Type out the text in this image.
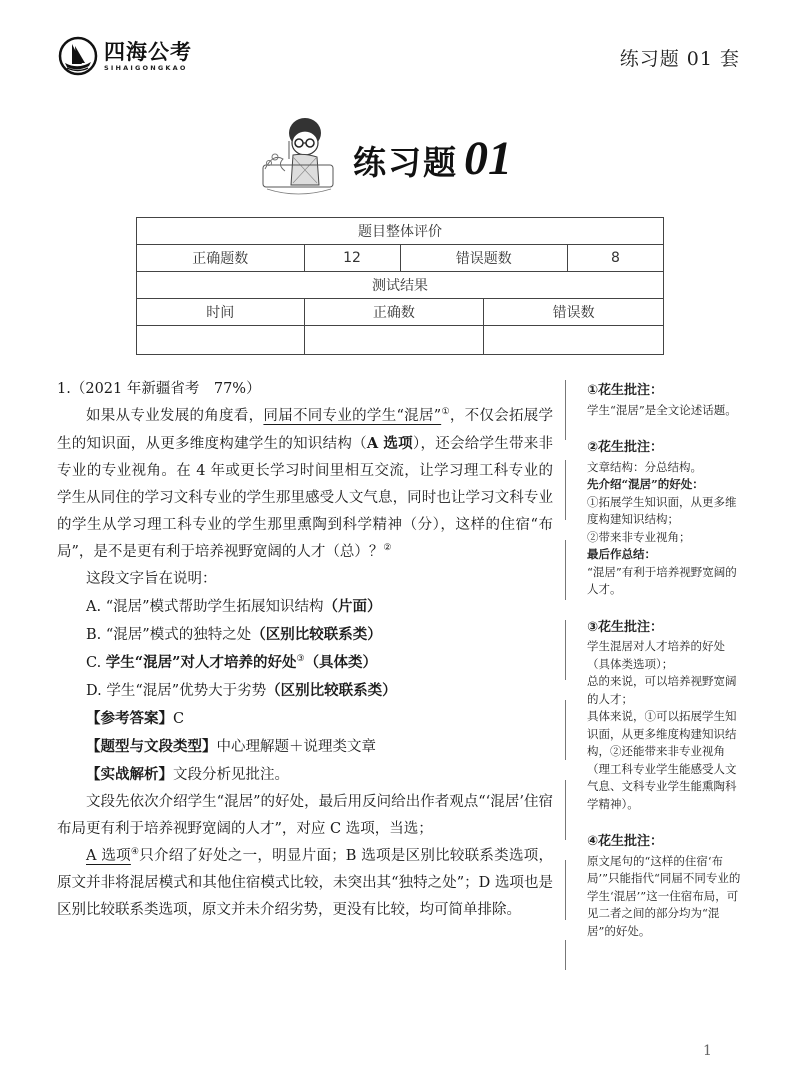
四海公考
SIHAIGONGKAO	练习题 01 套
练习题 01
题目整体评价				
正确题数	12	错误题数		8
测试结果				
时间	正确数		错误数	

1.（2021 年新疆省考　77%）

如果从专业发展的角度看，同届不同专业的学生“混居”①，不仅会拓展学生的知识面，从更多维度构建学生的知识结构（A 选项），还会给学生带来非专业的专业视角。在 4 年或更长学习时间里相互交流，让学习理工科专业的学生从同住的学习文科专业的学生那里感受人文气息，同时也让学习文科专业的学生从学习理工科专业的学生那里熏陶到科学精神（分），这样的住宿“布局”，是不是更有利于培养视野宽阔的人才（总）？②

这段文字旨在说明：

A. “混居”模式帮助学生拓展知识结构（片面）

B. “混居”模式的独特之处（区别比较联系类）

C. 学生“混居”对人才培养的好处③（具体类）

D. 学生“混居”优势大于劣势（区别比较联系类）

【参考答案】C

【题型与文段类型】中心理解题＋说理类文章

【实战解析】文段分析见批注。

文段先依次介绍学生“混居”的好处，最后用反问给出作者观点“‘混居’住宿布局更有利于培养视野宽阔的人才”，对应 C 选项，当选；

A 选项④只介绍了好处之一，明显片面；B 选项是区别比较联系类选项，原文并非将混居模式和其他住宿模式比较，未突出其“独特之处”；D 选项也是区别比较联系类选项，原文并未介绍劣势，更没有比较，均可简单排除。

①花生批注：

学生“混居”是全文论述话题。

②花生批注：

文章结构：分总结构。

先介绍“混居”的好处：

①拓展学生知识面，从更多维度构建知识结构；

②带来非专业视角；

最后作总结：

“混居”有利于培养视野宽阔的人才。

③花生批注：

学生混居对人才培养的好处（具体类选项）；

总的来说，可以培养视野宽阔的人才；

具体来说，①可以拓展学生知识面，从更多维度构建知识结构，②还能带来非专业视角（理工科专业学生能感受人文气息、文科专业学生能熏陶科学精神）。

④花生批注：

原文尾句的“这样的住宿‘布局’”只能指代“同届不同专业的学生‘混居’”这一住宿布局，可见二者之间的部分均为“混居”的好处。

1
